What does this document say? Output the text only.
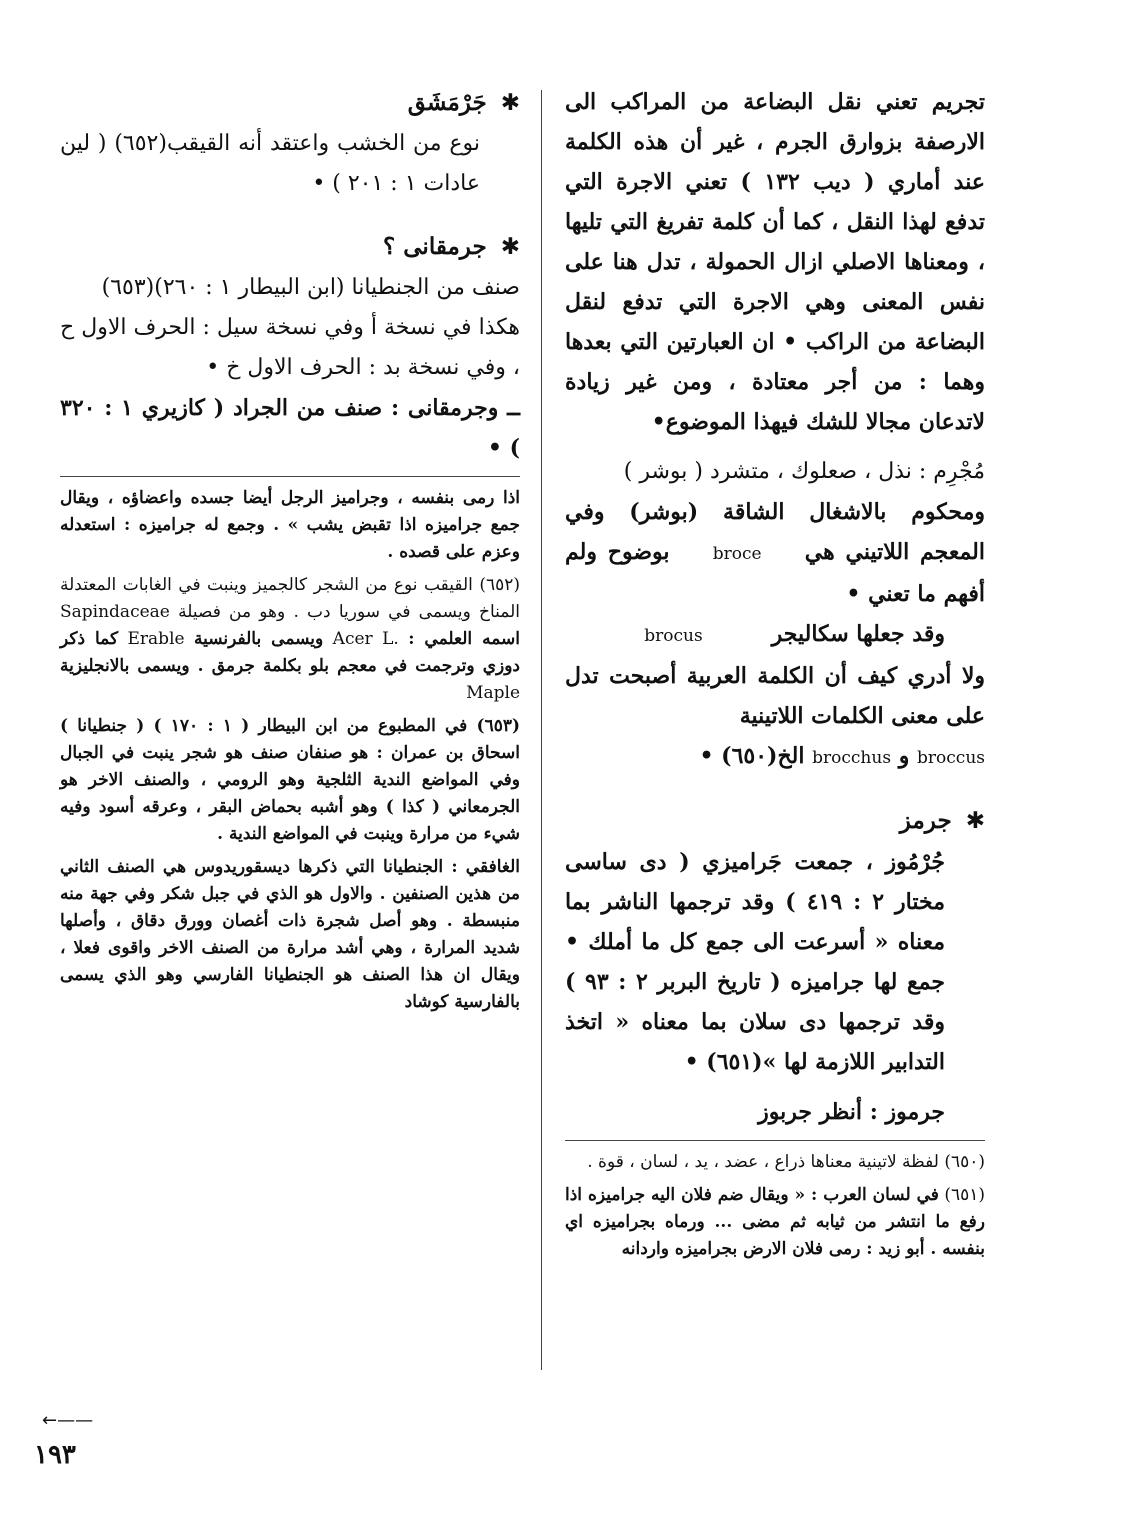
تجريم تعني نقل البضاعة من المراكب الى الارصفة بزوارق الجرم ، غير أن هذه الكلمة عند أماري ( ديب ١٣٢ ) تعني الاجرة التي تدفع لهذا النقل ، كما أن كلمة تفريغ التي تليها ، ومعناها الاصلي ازال الحمولة ، تدل هنا على نفس المعنى وهي الاجرة التي تدفع لنقل البضاعة من الراكب • ان العبارتين التي بعدها وهما : من أجر معتادة ، ومن غير زيادة لاتدعان مجالا للشك فيهذا الموضوع•

مُجْرِم : نذل ، صعلوك ، متشرد ( بوشر )

ومحكوم بالاشغال الشاقة (بوشر) وفي المعجم اللاتيني هي    broce    بوضوح ولم أفهم ما تعني •

وقد جعلها سكاليجر         brocus

ولا أدري كيف أن الكلمة العربية أصبحت تدل على معنى الكلمات اللاتينية

broccus و brocchus الخ(٦٥٠) •

✱ جرمز

جُرْمُوز ، جمعت جَراميزي ( دى ساسى مختار ٢ : ٤١٩ ) وقد ترجمها الناشر بما معناه « أسرعت الى جمع كل ما أملك • جمع لها جراميزه ( تاريخ البربر ٢ : ٩٣ ) وقد ترجمها دى سلان بما معناه « اتخذ التدابير اللازمة لها »(٦٥١) •

جرموز : أنظر جربوز

(٦٥٠) لفظة لاتينية معناها ذراع ، عضد ، يد ، لسان ، قوة .

(٦٥١) في لسان العرب : « ويقال ضم فلان اليه جراميزه اذا رفع ما انتشر من ثيابه ثم مضى ... ورماه بجراميزه اي بنفسه . أبو زيد : رمى فلان الارض بجراميزه واردانه

✱ جَرْمَشَق

نوع من الخشب واعتقد أنه القيقب(٦٥٢) ( لين عادات ١ : ٢٠١ ) •

✱ جرمقانى ؟

صنف من الجنطيانا (ابن البيطار ١ : ٢٦٠)(٦٥٣)

هكذا في نسخة أ وفي نسخة سيل : الحرف الاول ح ، وفي نسخة بد : الحرف الاول خ •

ــ وجرمقانى : صنف من الجراد ( كازيري ١ : ٣٢٠ ) •

اذا رمى بنفسه ، وجراميز الرجل أيضا جسده واعضاؤه ، ويقال جمع جراميزه اذا تقبض يشب » . وجمع له جراميزه : استعدله وعزم على قصده .

(٦٥٢) القيقب نوع من الشجر كالجميز وينبت في الغابات المعتدلة المناخ ويسمى في سوريا دب . وهو من فصيلة Sapindaceae اسمه العلمي : Acer L. ويسمى بالفرنسية Erable كما ذكر دوزي وترجمت في معجم بلو بكلمة جرمق . ويسمى بالانجليزية Maple

(٦٥٣) في المطبوع من ابن البيطار ( ١ : ١٧٠ ) ( جنطيانا ) اسحاق بن عمران : هو صنفان صنف هو شجر ينبت في الجبال وفي المواضع الندية الثلجية وهو الرومي ، والصنف الاخر هو الجرمعاني ( كذا ) وهو أشبه بحماض البقر ، وعرقه أسود وفيه شيء من مرارة وينبت في المواضع الندية .

الغافقي : الجنطيانا التي ذكرها ديسقوريدوس هي الصنف الثاني من هذين الصنفين . والاول هو الذي في جبل شكر وفي جهة منه منبسطة . وهو أصل شجرة ذات أغصان وورق دقاق ، وأصلها شديد المرارة ، وهي أشد مرارة من الصنف الاخر واقوى فعلا ، ويقال ان هذا الصنف هو الجنطيانا الفارسي وهو الذي يسمى بالفارسية كوشاد

←——
١٩٣
